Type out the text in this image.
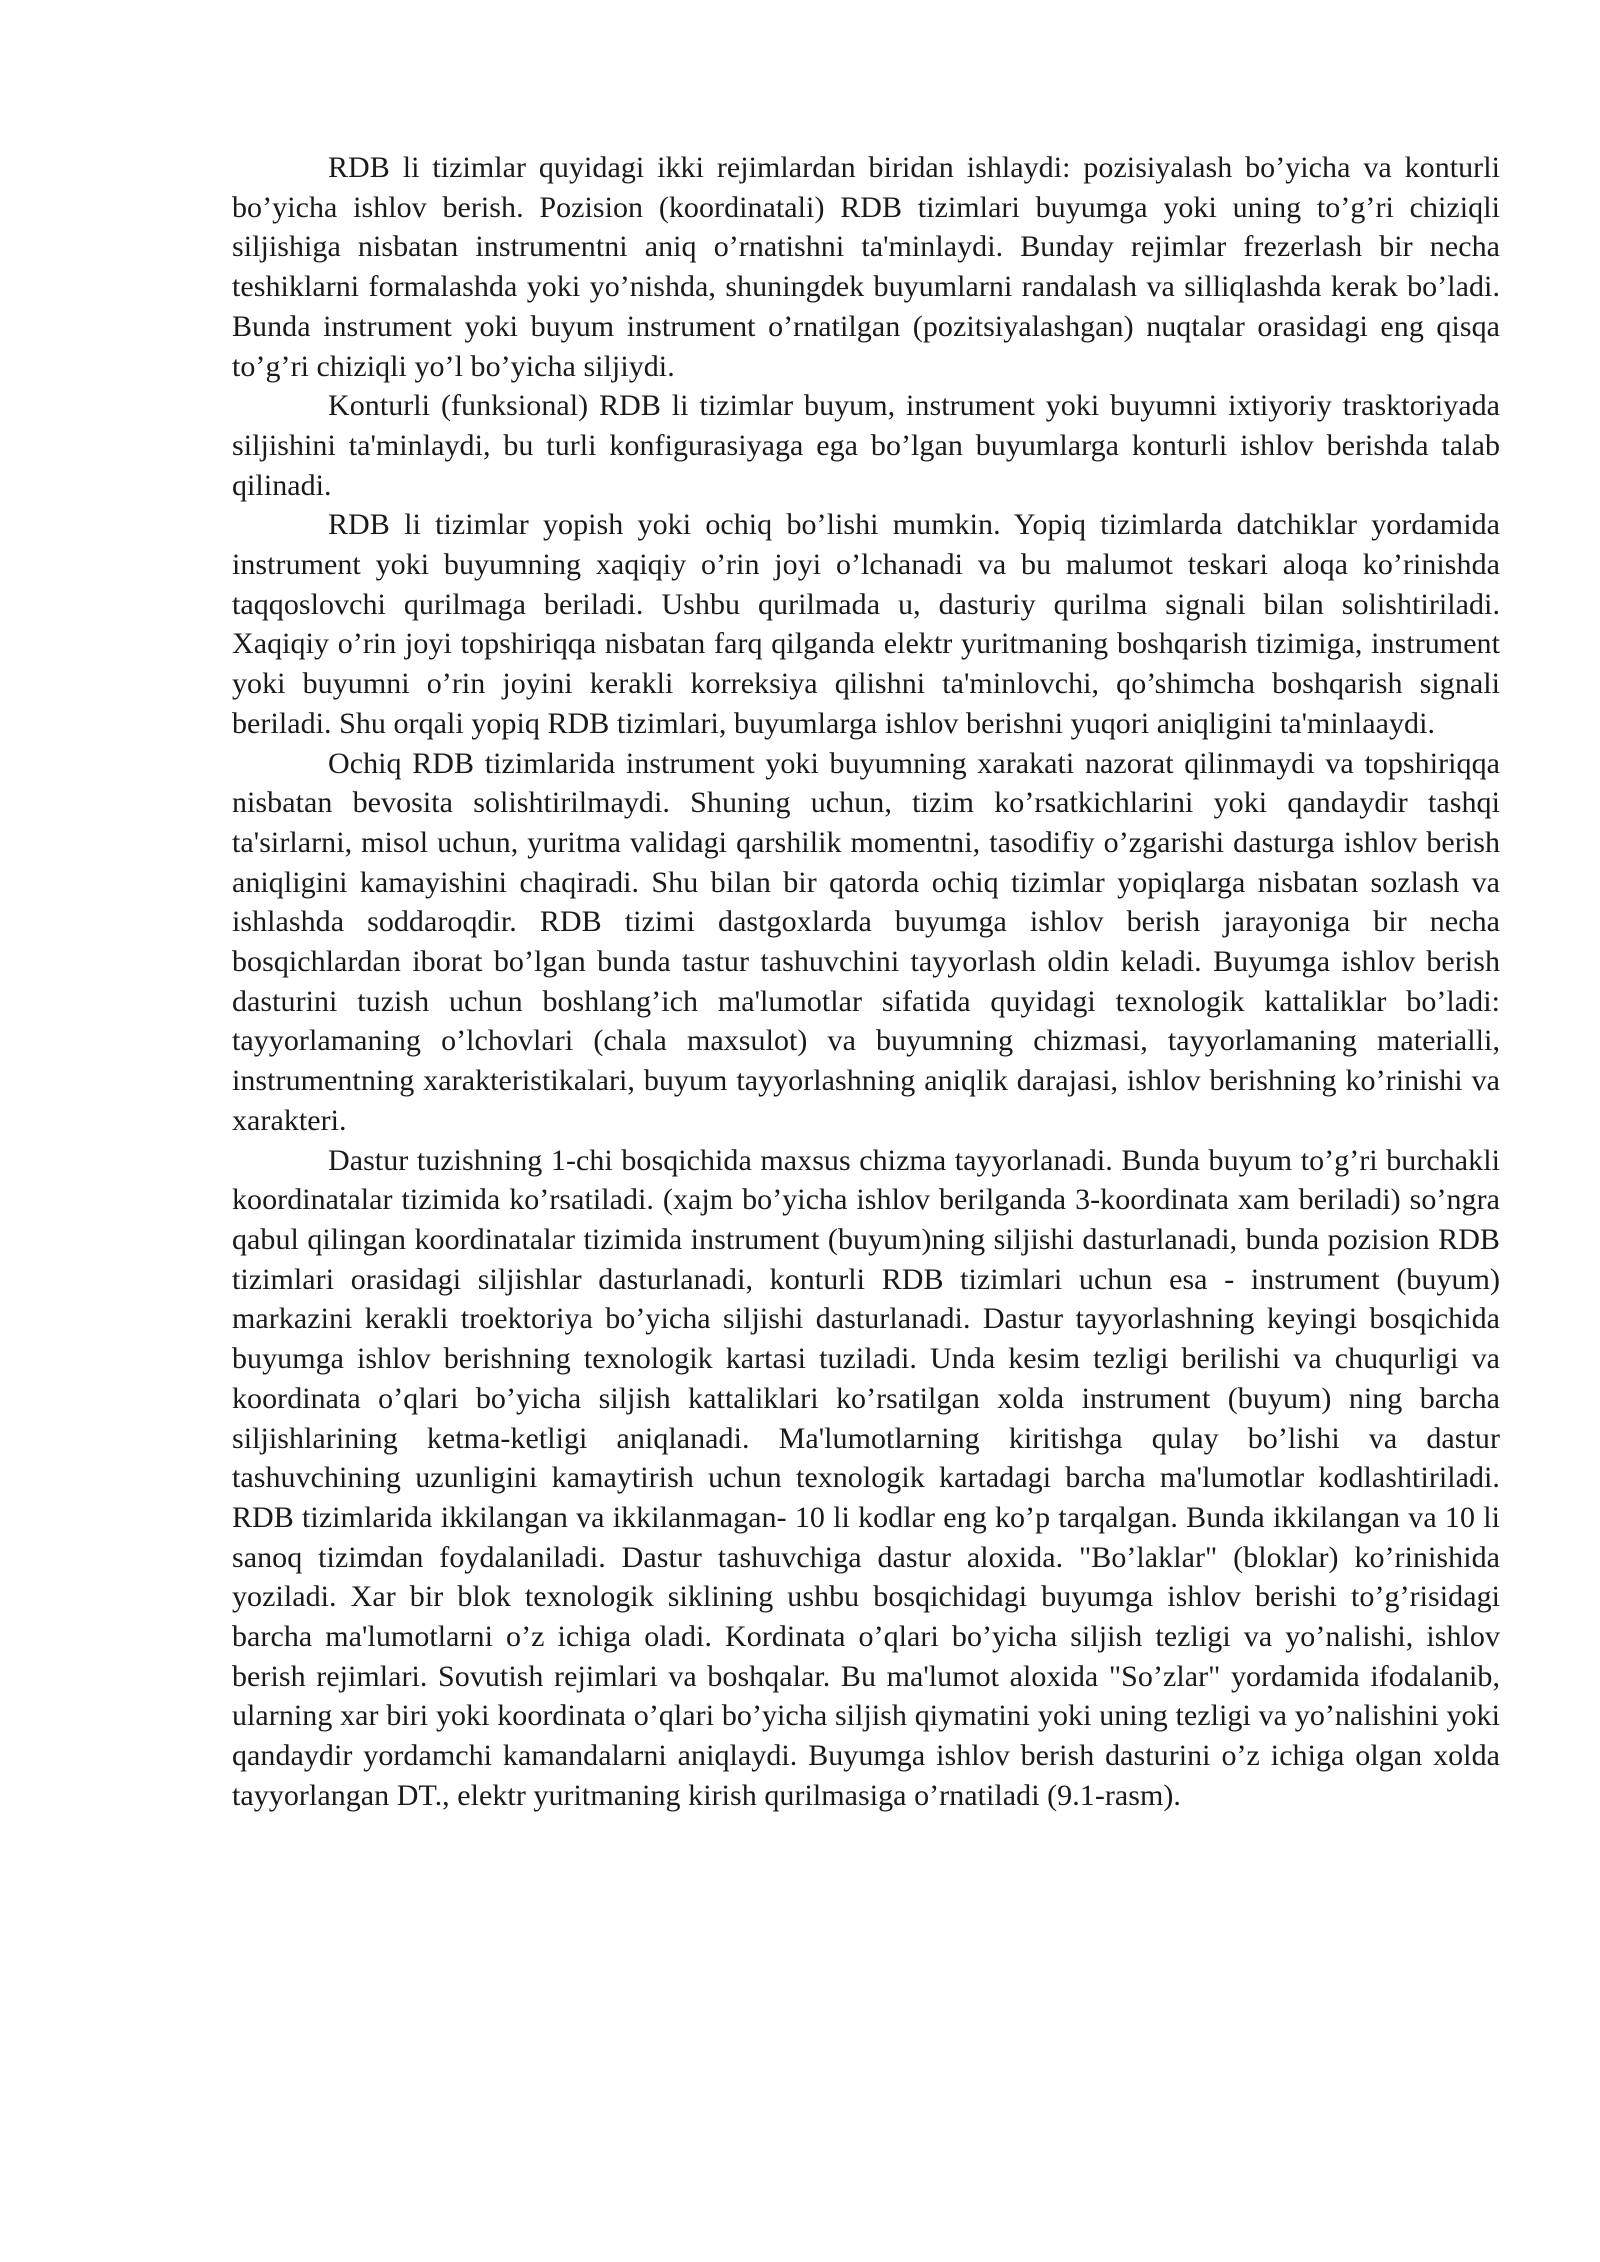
RDB li tizimlar quyidagi ikki rejimlardan biridan ishlaydi: pozisiyalash bo’yicha va konturli bo’yicha ishlov berish. Pozision (koordinatali) RDB tizimlari buyumga yoki uning to’g’ri chiziqli siljishiga nisbatan instrumentni aniq o’rnatishni ta'minlaydi. Bunday rejimlar frezerlash bir necha teshiklarni formalashda yoki yo’nishda, shuningdek buyumlarni randalash va silliqlashda kerak bo’ladi. Bunda instrument yoki buyum instrument o’rnatilgan (pozitsiyalashgan) nuqtalar orasidagi eng qisqa to’g’ri chiziqli yo’l bo’yicha siljiydi.

Konturli (funksional) RDB li tizimlar buyum, instrument yoki buyumni ixtiyoriy trasktoriyada siljishini ta'minlaydi, bu turli konfigurasiyaga ega bo’lgan buyumlarga konturli ishlov berishda talab qilinadi.

RDB li tizimlar yopish yoki ochiq bo’lishi mumkin. Yopiq tizimlarda datchiklar yordamida instrument yoki buyumning xaqiqiy o’rin joyi o’lchanadi va bu malumot teskari aloqa ko’rinishda taqqoslovchi qurilmaga beriladi. Ushbu qurilmada u, dasturiy qurilma signali bilan solishtiriladi. Xaqiqiy o’rin joyi topshiriqqa nisbatan farq qilganda elektr yuritmaning boshqarish tizimiga, instrument yoki buyumni o’rin joyini kerakli korreksiya qilishni ta'minlovchi, qo’shimcha boshqarish signali beriladi. Shu orqali yopiq RDB tizimlari, buyumlarga ishlov berishni yuqori aniqligini ta'minlaaydi.

Ochiq RDB tizimlarida instrument yoki buyumning xarakati nazorat qilinmaydi va topshiriqqa nisbatan bevosita solishtirilmaydi. Shuning uchun, tizim ko’rsatkichlarini yoki qandaydir tashqi ta'sirlarni, misol uchun, yuritma validagi qarshilik momentni, tasodifiy o’zgarishi dasturga ishlov berish aniqligini kamayishini chaqiradi. Shu bilan bir qatorda ochiq tizimlar yopiqlarga nisbatan sozlash va ishlashda soddaroqdir. RDB tizimi dastgoxlarda buyumga ishlov berish jarayoniga bir necha bosqichlardan iborat bo’lgan bunda tastur tashuvchini tayyorlash oldin keladi. Buyumga ishlov berish dasturini tuzish uchun boshlang’ich ma'lumotlar sifatida quyidagi texnologik kattaliklar bo’ladi: tayyorlamaning o’lchovlari (chala maxsulot) va buyumning chizmasi, tayyorlamaning materialli, instrumentning xarakteristikalari, buyum tayyorlashning aniqlik darajasi, ishlov berishning ko’rinishi va xarakteri.

Dastur tuzishning 1-chi bosqichida maxsus chizma tayyorlanadi. Bunda buyum to’g’ri burchakli koordinatalar tizimida ko’rsatiladi. (xajm bo’yicha ishlov berilganda 3-koordinata xam beriladi) so’ngra qabul qilingan koordinatalar tizimida instrument (buyum)ning siljishi dasturlanadi, bunda pozision RDB tizimlari orasidagi siljishlar dasturlanadi, konturli RDB tizimlari uchun esa - instrument (buyum) markazini kerakli troektoriya bo’yicha siljishi dasturlanadi. Dastur tayyorlashning keyingi bosqichida buyumga ishlov berishning texnologik kartasi tuziladi. Unda kesim tezligi berilishi va chuqurligi va koordinata o’qlari bo’yicha siljish kattaliklari ko’rsatilgan xolda instrument (buyum) ning barcha siljishlarining ketma-ketligi aniqlanadi. Ma'lumotlarning kiritishga qulay bo’lishi va dastur tashuvchining uzunligini kamaytirish uchun texnologik kartadagi barcha ma'lumotlar kodlashtiriladi. RDB tizimlarida ikkilangan va ikkilanmagan- 10 li kodlar eng ko’p tarqalgan. Bunda ikkilangan va 10 li sanoq tizimdan foydalaniladi. Dastur tashuvchiga dastur aloxida. "Bo’laklar" (bloklar) ko’rinishida yoziladi. Xar bir blok texnologik siklining ushbu bosqichidagi buyumga ishlov berishi to’g’risidagi barcha ma'lumotlarni o’z ichiga oladi. Kordinata o’qlari bo’yicha siljish tezligi va yo’nalishi, ishlov berish rejimlari. Sovutish rejimlari va boshqalar. Bu ma'lumot aloxida "So’zlar" yordamida ifodalanib, ularning xar biri yoki koordinata o’qlari bo’yicha siljish qiymatini yoki uning tezligi va yo’nalishini yoki qandaydir yordamchi kamandalarni aniqlaydi. Buyumga ishlov berish dasturini o’z ichiga olgan xolda tayyorlangan DT., elektr yuritmaning kirish qurilmasiga o’rnatiladi (9.1-rasm).
